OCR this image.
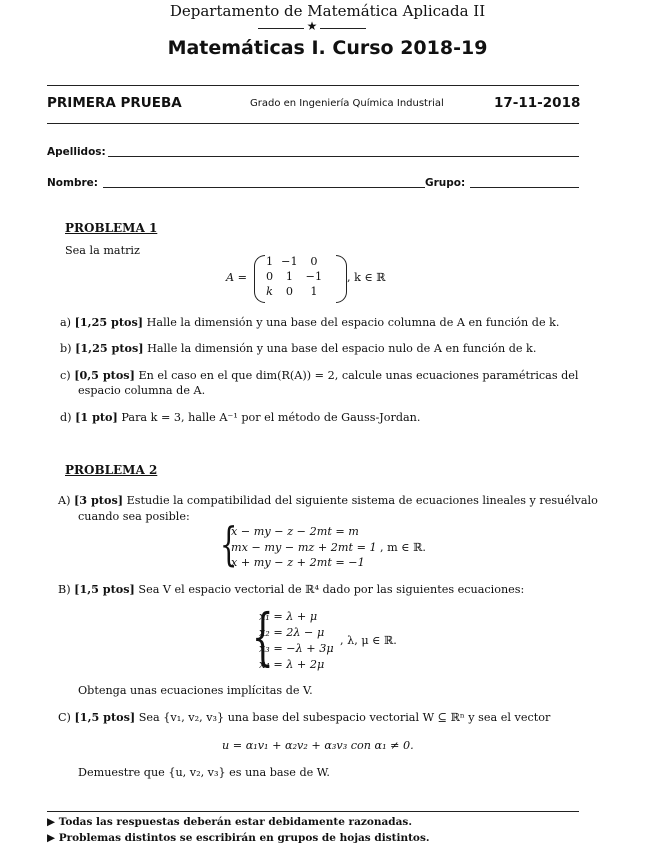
Departamento de Matemática Aplicada II
★
Matemáticas I. Curso 2018-19
PRIMERA PRUEBA	Grado en Ingeniería Química Industrial	17-11-2018
Apellidos:
Nombre:	Grupo:
PROBLEMA 1
Sea la matriz
A =
1	−1	0
0	1	−1
k	0	1
, k ∈ ℝ
a) [1,25 ptos] Halle la dimensión y una base del espacio columna de A en función de k.
b) [1,25 ptos] Halle la dimensión y una base del espacio nulo de A en función de k.
c) [0,5 ptos] En el caso en el que dim(R(A)) = 2, calcule unas ecuaciones paramétricas del
espacio columna de A.
d) [1 pto] Para k = 3, halle A⁻¹ por el método de Gauss-Jordan.
PROBLEMA 2
A) [3 ptos] Estudie la compatibilidad del siguiente sistema de ecuaciones lineales y resuélvalo
cuando sea posible:
{
x − my − z − 2mt = m
mx − my − mz + 2mt = 1
x + my − z + 2mt = −1
, m ∈ ℝ.
B) [1,5 ptos] Sea V el espacio vectorial de ℝ⁴ dado por las siguientes ecuaciones:
{
x₁ = λ + μ
x₂ = 2λ − μ
x₃ = −λ + 3μ
x₄ = λ + 2μ
, λ, μ ∈ ℝ.
Obtenga unas ecuaciones implícitas de V.
C) [1,5 ptos] Sea {v₁, v₂, v₃} una base del subespacio vectorial W ⊆ ℝⁿ y sea el vector
u = α₁v₁ + α₂v₂ + α₃v₃ con α₁ ≠ 0.
Demuestre que {u, v₂, v₃} es una base de W.
▶ Todas las respuestas deberán estar debidamente razonadas.
▶ Problemas distintos se escribirán en grupos de hojas distintos.
